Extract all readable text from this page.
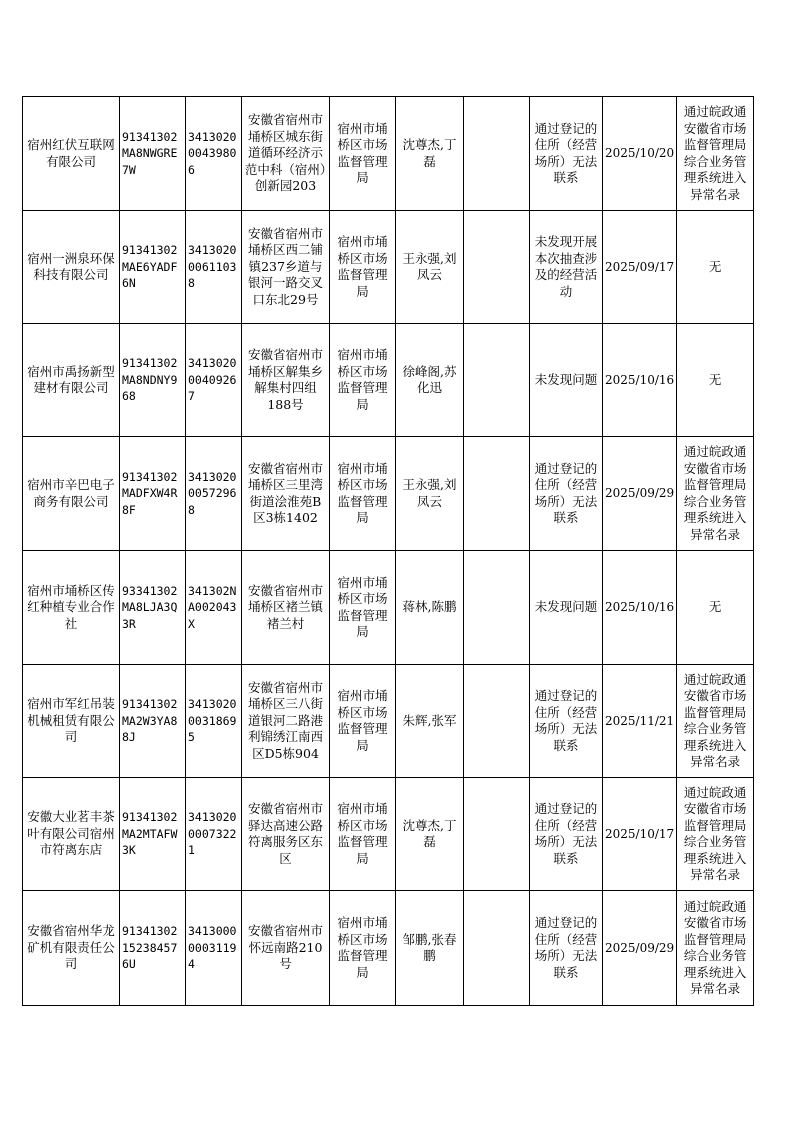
宿州红伏互联网有限公司	91341302MA8NWGRE7W	341302000439806	安徽省宿州市埇桥区城东街道循环经济示范中科（宿州）创新园203	宿州市埇桥区市场监督管理局	沈尊杰,丁磊		通过登记的住所（经营场所）无法联系	2025/10/20	通过皖政通安徽省市场监督管理局综合业务管理系统进入异常名录
宿州一洲泉环保科技有限公司	91341302MAE6YADF6N	341302000611038	安徽省宿州市埇桥区西二铺镇237乡道与银河一路交叉口东北29号	宿州市埇桥区市场监督管理局	王永强,刘凤云		未发现开展本次抽查涉及的经营活动	2025/09/17	无
宿州市禹扬新型建材有限公司	91341302MA8NDNY968	341302000409267	安徽省宿州市埇桥区解集乡解集村四组188号	宿州市埇桥区市场监督管理局	徐峰阁,苏化迅		未发现问题	2025/10/16	无
宿州市辛巴电子商务有限公司	91341302MADFXW4R8F	341302000572968	安徽省宿州市埇桥区三里湾街道浍淮苑B区3栋1402	宿州市埇桥区市场监督管理局	王永强,刘凤云		通过登记的住所（经营场所）无法联系	2025/09/29	通过皖政通安徽省市场监督管理局综合业务管理系统进入异常名录
宿州市埇桥区传红种植专业合作社	93341302MA8LJA3Q3R	341302NA002043X	安徽省宿州市埇桥区褚兰镇褚兰村	宿州市埇桥区市场监督管理局	蒋林,陈鹏		未发现问题	2025/10/16	无
宿州市军红吊装机械租赁有限公司	91341302MA2W3YA88J	341302000318695	安徽省宿州市埇桥区三八街道银河二路港利锦绣江南西区D5栋904	宿州市埇桥区市场监督管理局	朱辉,张军		通过登记的住所（经营场所）无法联系	2025/11/21	通过皖政通安徽省市场监督管理局综合业务管理系统进入异常名录
安徽大业茗丰茶叶有限公司宿州市符离东店	91341302MA2MTAFW3K	341302000073221	安徽省宿州市驿达高速公路符离服务区东区	宿州市埇桥区市场监督管理局	沈尊杰,丁磊		通过登记的住所（经营场所）无法联系	2025/10/17	通过皖政通安徽省市场监督管理局综合业务管理系统进入异常名录
安徽省宿州华龙矿机有限责任公司	91341302152384576U	341300000031194	安徽省宿州市怀远南路210号	宿州市埇桥区市场监督管理局	邹鹏,张春鹏		通过登记的住所（经营场所）无法联系	2025/09/29	通过皖政通安徽省市场监督管理局综合业务管理系统进入异常名录
